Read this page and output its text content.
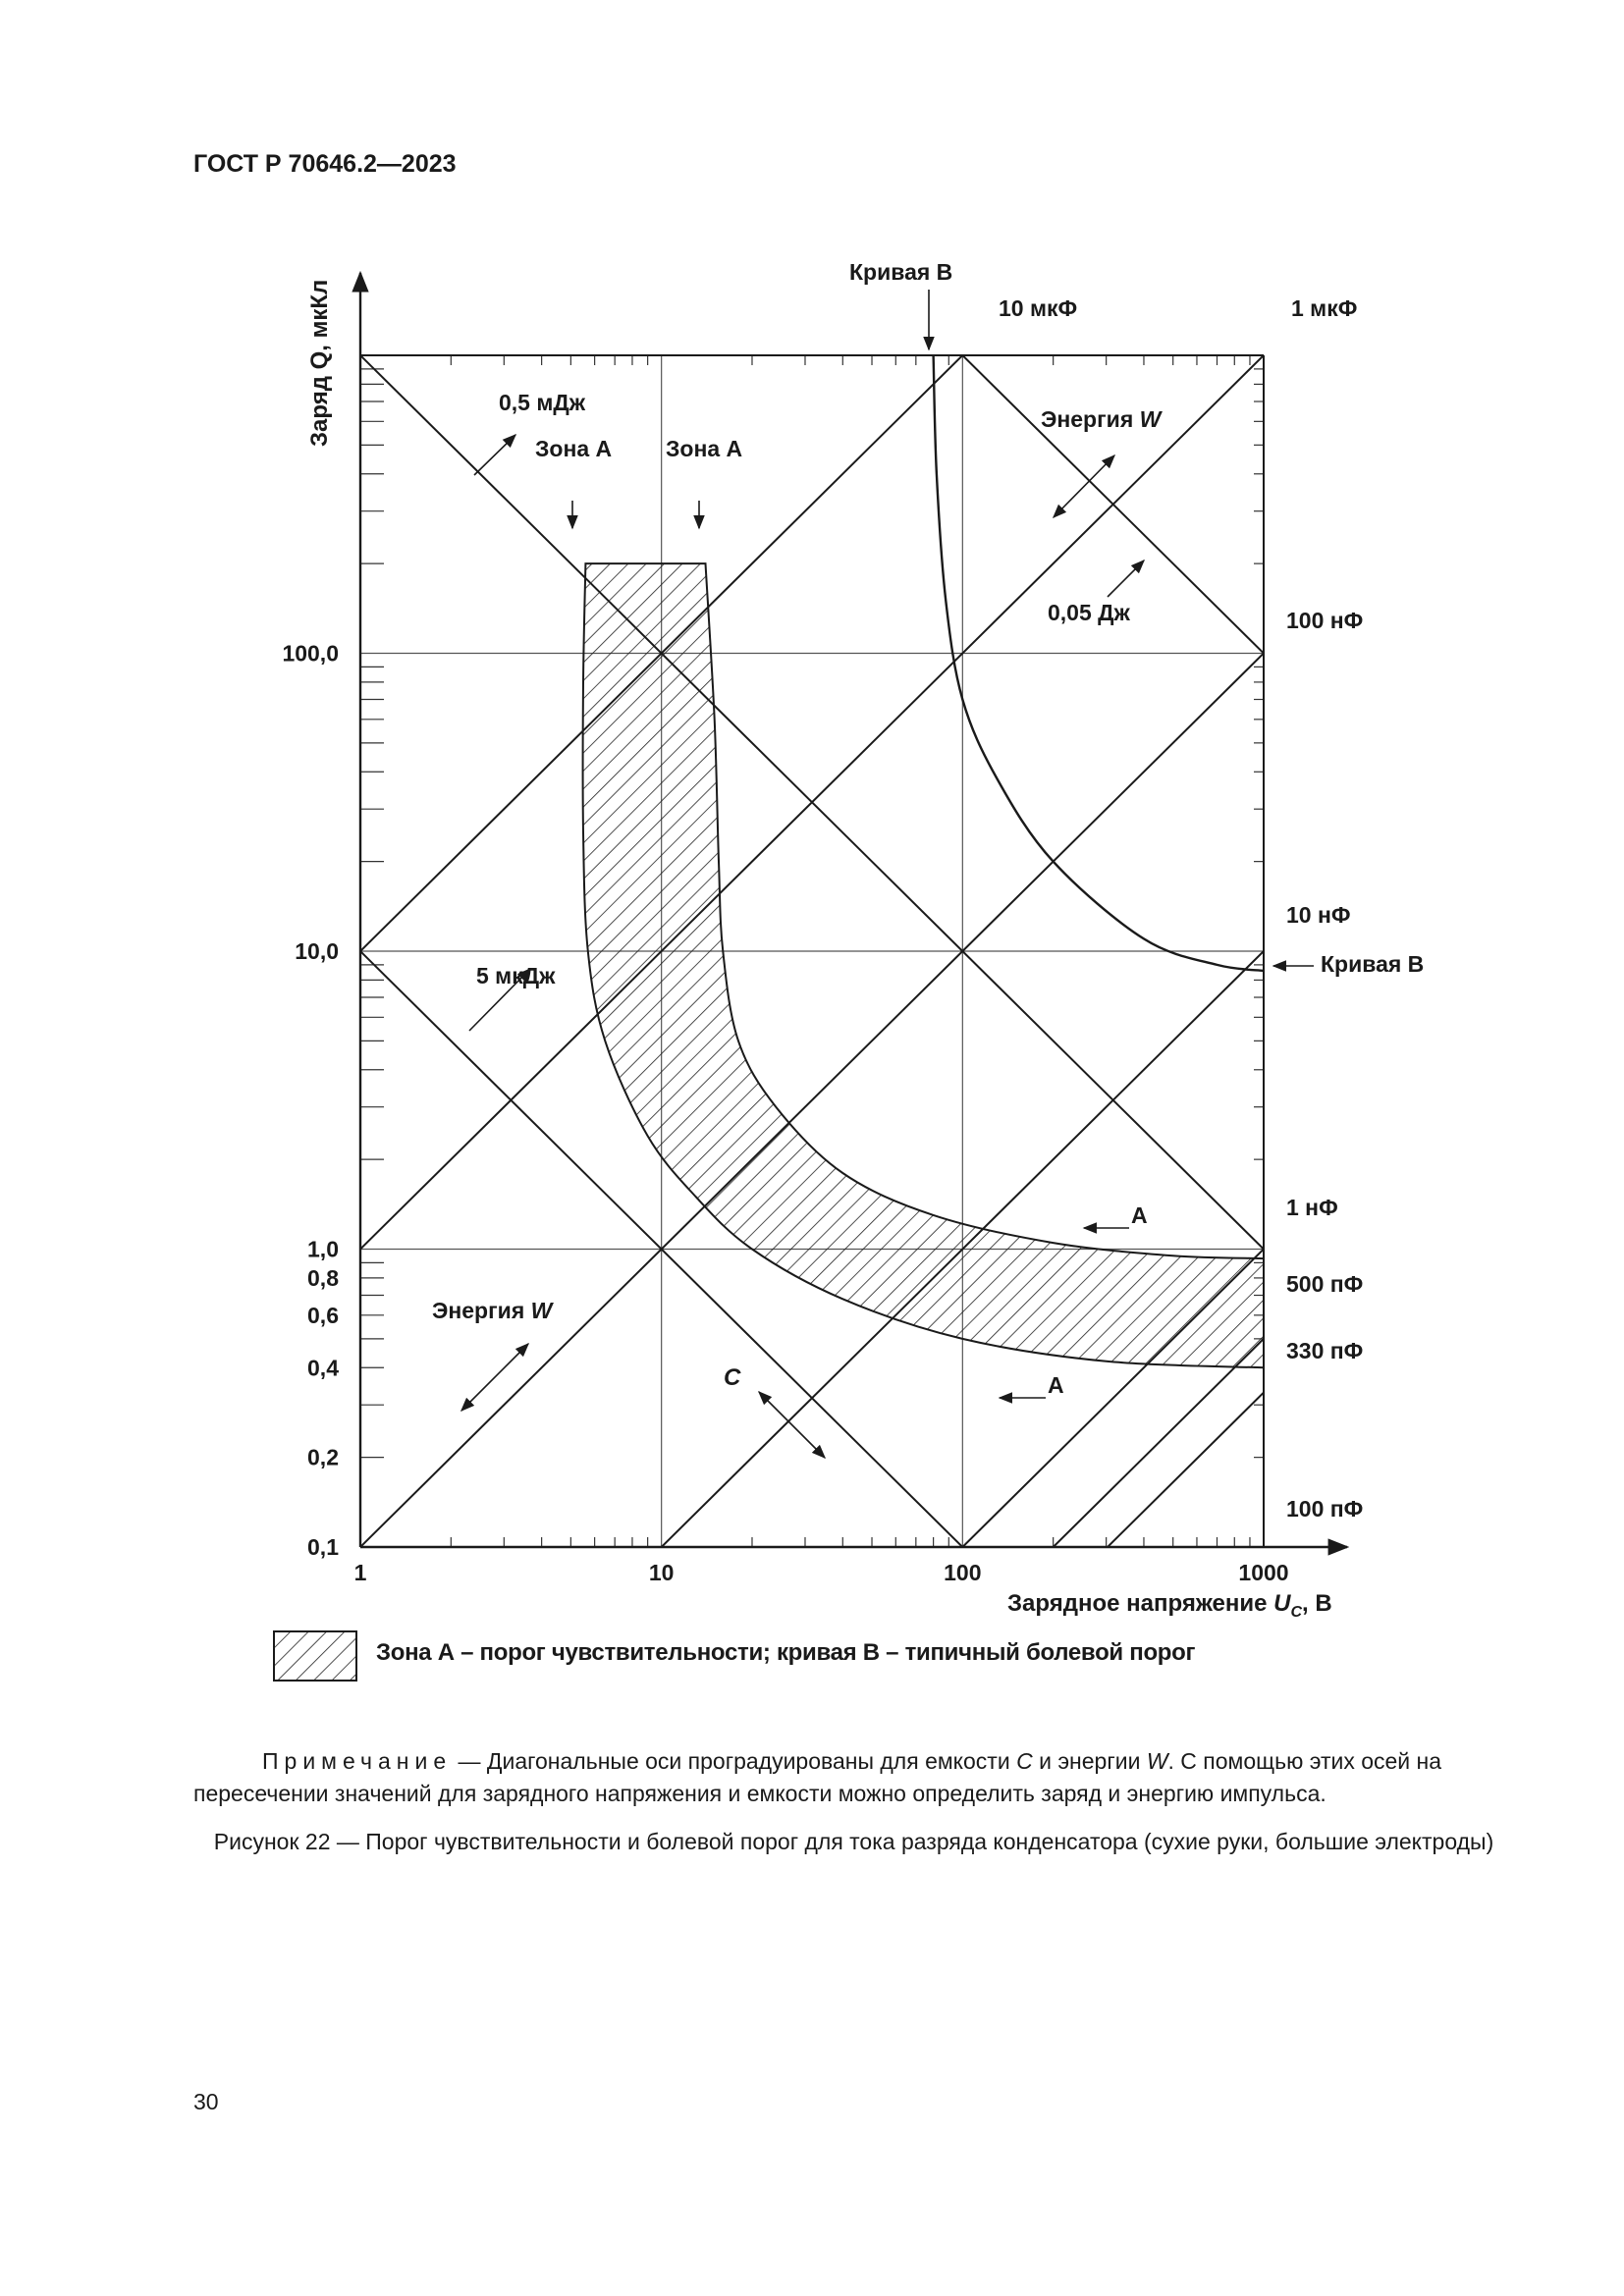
ГОСТ Р 70646.2—2023
1	10	100	1000
0,1
0,2
0,4
0,6
0,8
1,0
10,0
100,0
Заряд Q, мкКл
Зарядное напряжение $U_C$, В
10 мкФ	1 мкФ
100 нФ
10 нФ
1 нФ
500 пФ
330 пФ
100 пФ
0,5 мДж
5 мкДж
0,05 Дж
Кривая В
Кривая В
Зона А Зона А
Энергия W
Энергия W
C
А
А
Зона А – порог чувствительности; кривая В – типичный болевой порог

Примечание — Диагональные оси проградуированы для емкости C и энергии W. С помощью этих осей на пересечении значений для зарядного напряжения и емкости можно определить заряд и энергию импульса.

Рисунок 22 — Порог чувствительности и болевой порог для тока разряда конденсатора (сухие руки, большие электроды)
30
